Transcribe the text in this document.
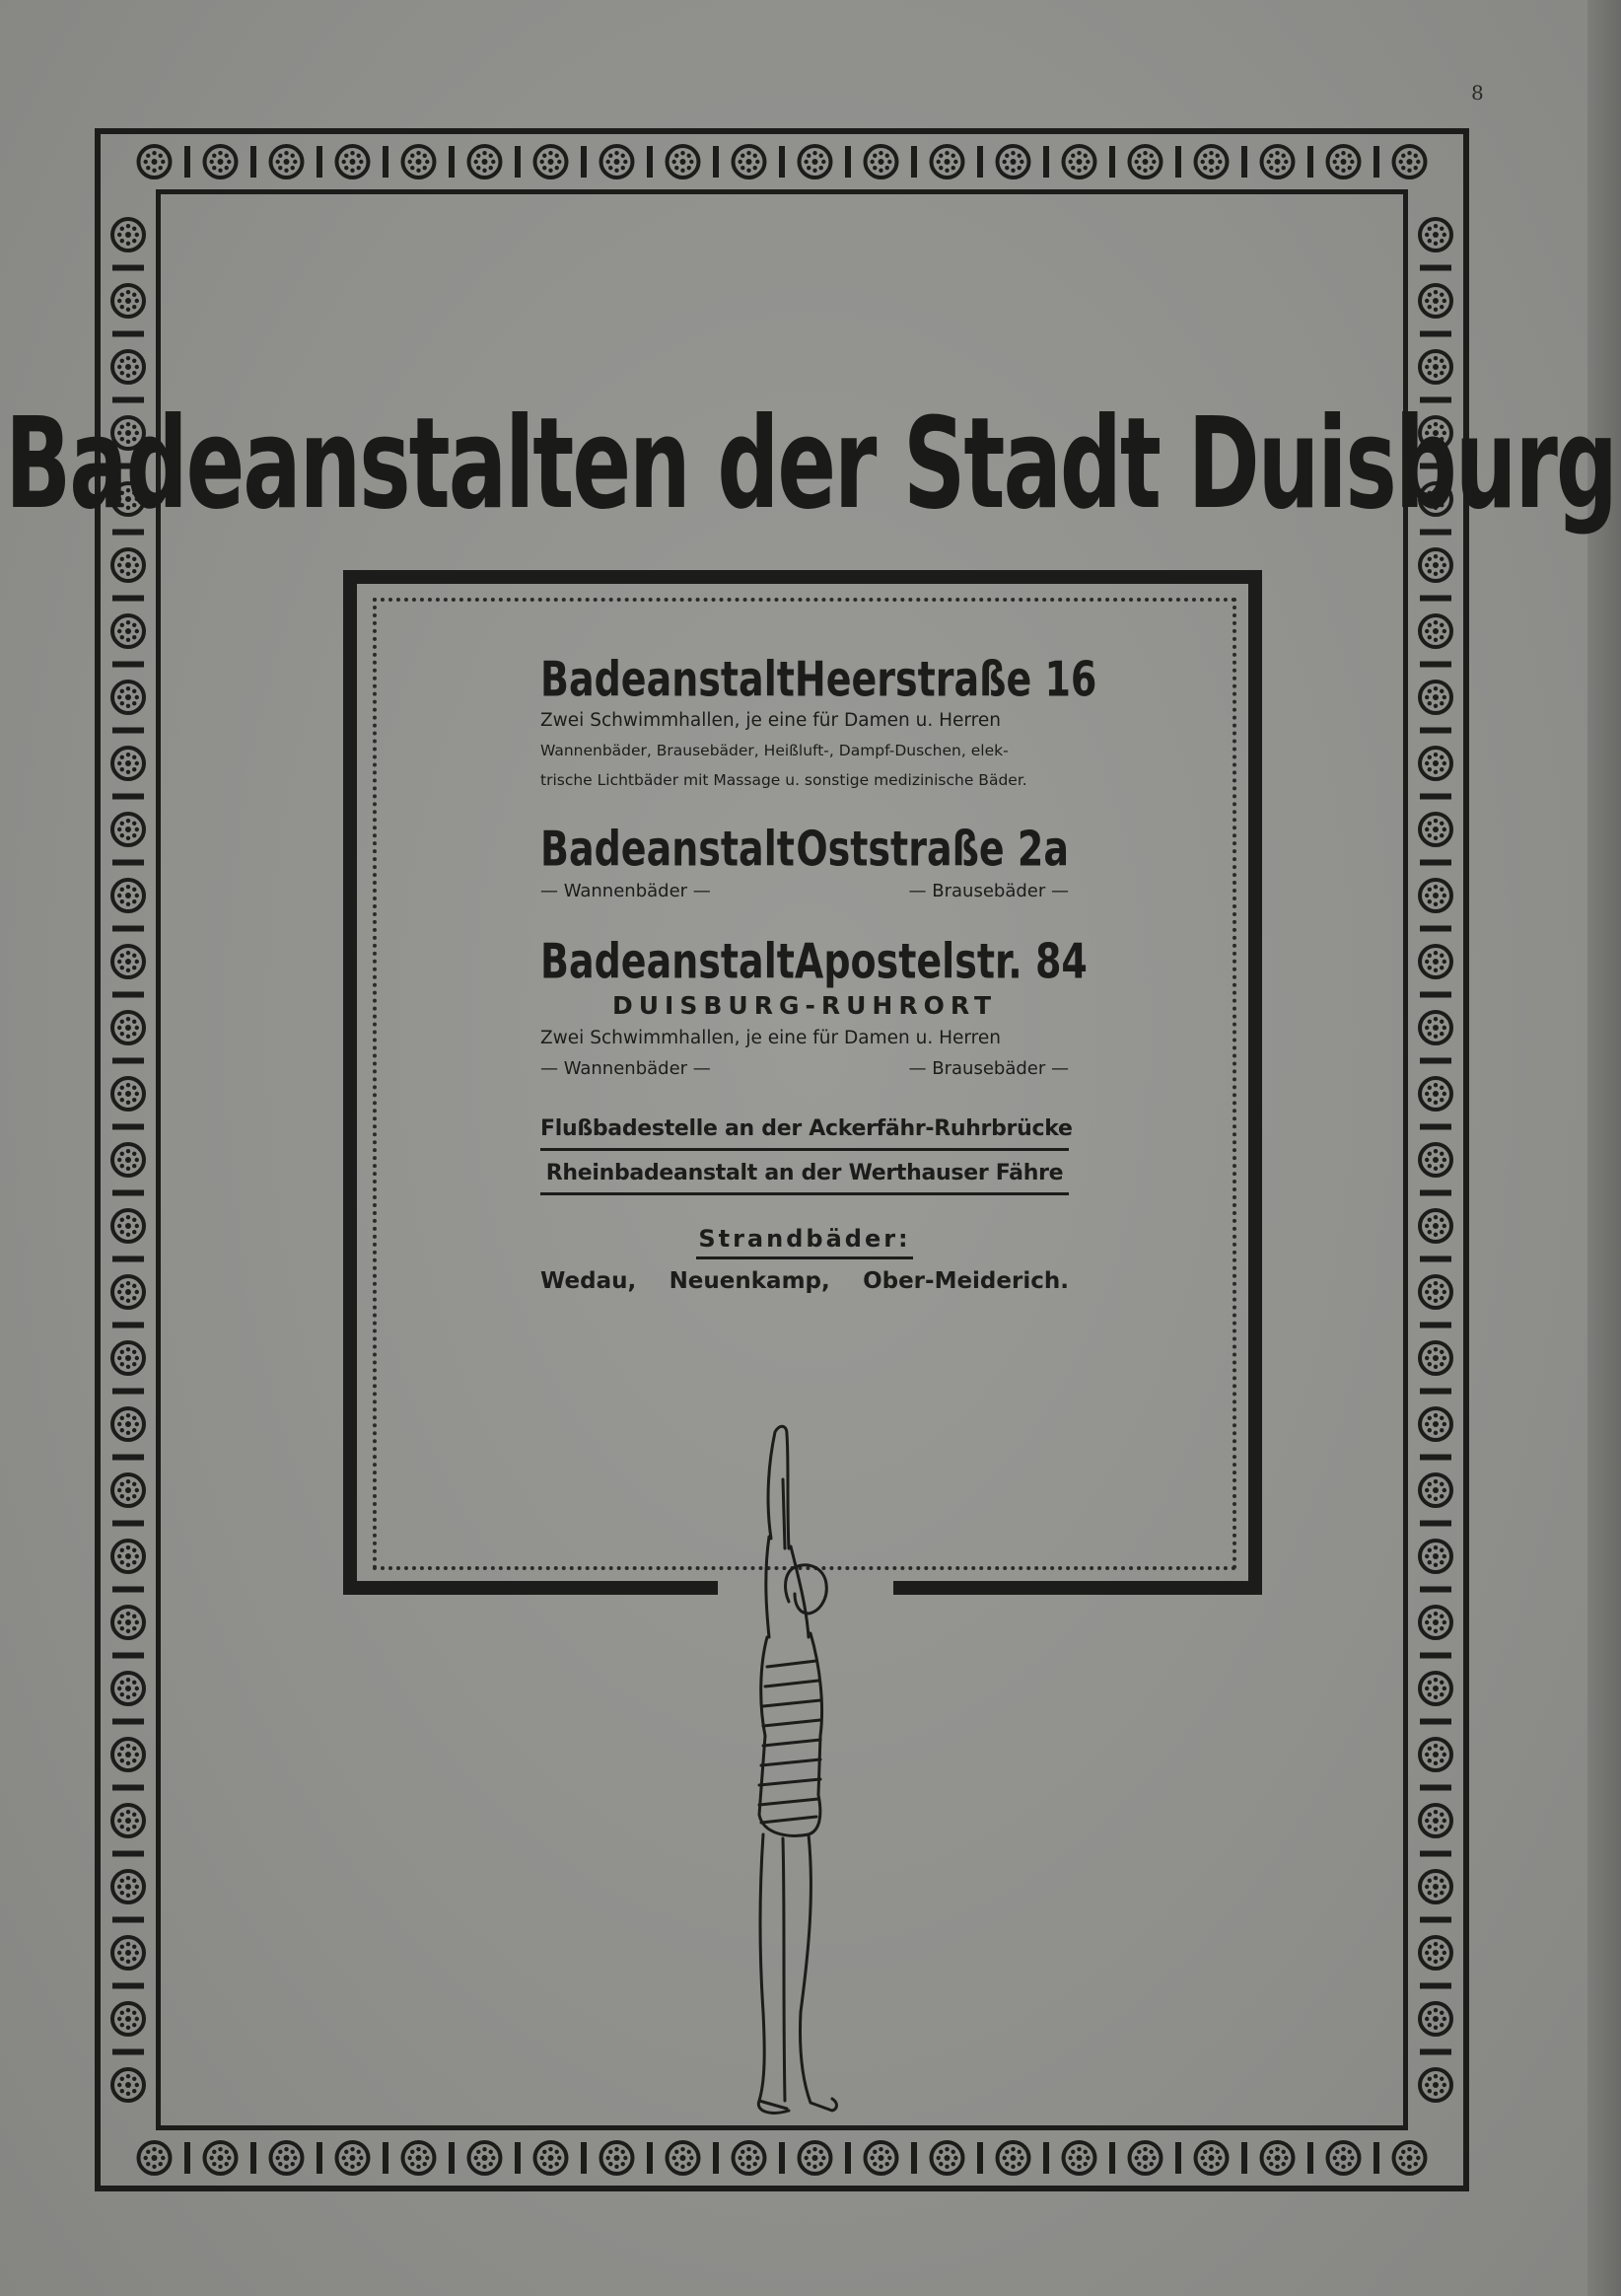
8
Badeanstalten der Stadt Duisburg
Badeanstalt Heerstraße 16

Zwei Schwimmhallen, je eine für Damen u. Herren

Wannenbäder, Brausebäder, Heißluft-, Dampf-Duschen, elek-

trische Lichtbäder mit Massage u. sonstige medizinische Bäder.

Badeanstalt Oststraße 2a
— Wannenbäder —	— Brausebäder —
Badeanstalt Apostelstr. 84

DUISBURG-RUHRORT

Zwei Schwimmhallen, je eine für Damen u. Herren

— Wannenbäder —	— Brausebäder —

Flußbadestelle an der Ackerfähr-Ruhrbrücke

Rheinbadeanstalt an der Werthauser Fähre

Strandbäder:

Wedau, Neuenkamp, Ober-Meiderich.
